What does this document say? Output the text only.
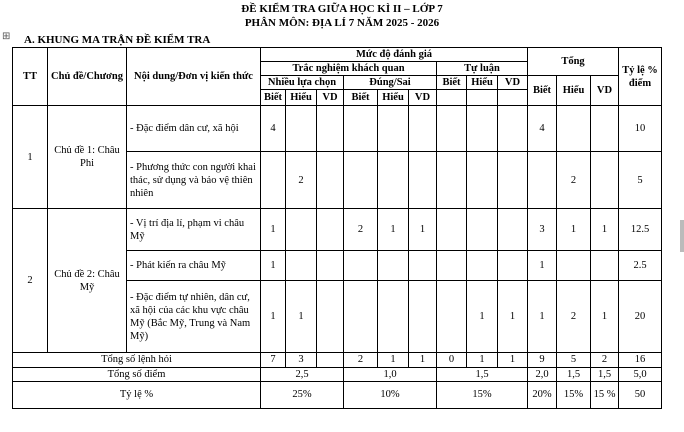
ĐỀ KIỂM TRA GIỮA HỌC KÌ II – LỚP 7
PHÂN MÔN: ĐỊA LÍ 7 NĂM 2025 - 2026
⊞ A. KHUNG MA TRẬN ĐỀ KIỂM TRA
TT	Chủ đề/Chương	Nội dung/Đơn vị kiến thức	Mức độ đánh giá									Tổng			Tỷ lệ % điểm
			Trắc nghiệm khách quan						Tự luận						
			Nhiều lựa chọn			Đúng/Sai			Biết	Hiểu	VD	Biết	Hiểu	VD	
			Biết	Hiểu	VD	Biết	Hiểu	VD							
1	Chủ đề 1: Châu Phi	- Đặc điểm dân cư, xã hội	4									4			10
		- Phương thức con người khai thác, sử dụng và bảo vệ thiên nhiên		2									2		5
2	Chủ đề 2: Châu Mỹ	- Vị trí địa lí, phạm vi châu Mỹ	1			2	1	1				3	1	1	12.5
		- Phát kiến ra châu Mỹ	1									1			2.5
		- Đặc điểm tự nhiên, dân cư, xã hội của các khu vực châu Mỹ (Bắc Mỹ, Trung và Nam Mỹ)	1	1						1	1	1	2	1	20
Tổng số lệnh hỏi			7	3		2	1	1	0	1	1	9	5	2	16
Tổng số điểm			2,5			1,0			1,5			2,0	1,5	1,5	5,0
Tỷ lệ %			25%			10%			15%			20%	15%	15 %	50
